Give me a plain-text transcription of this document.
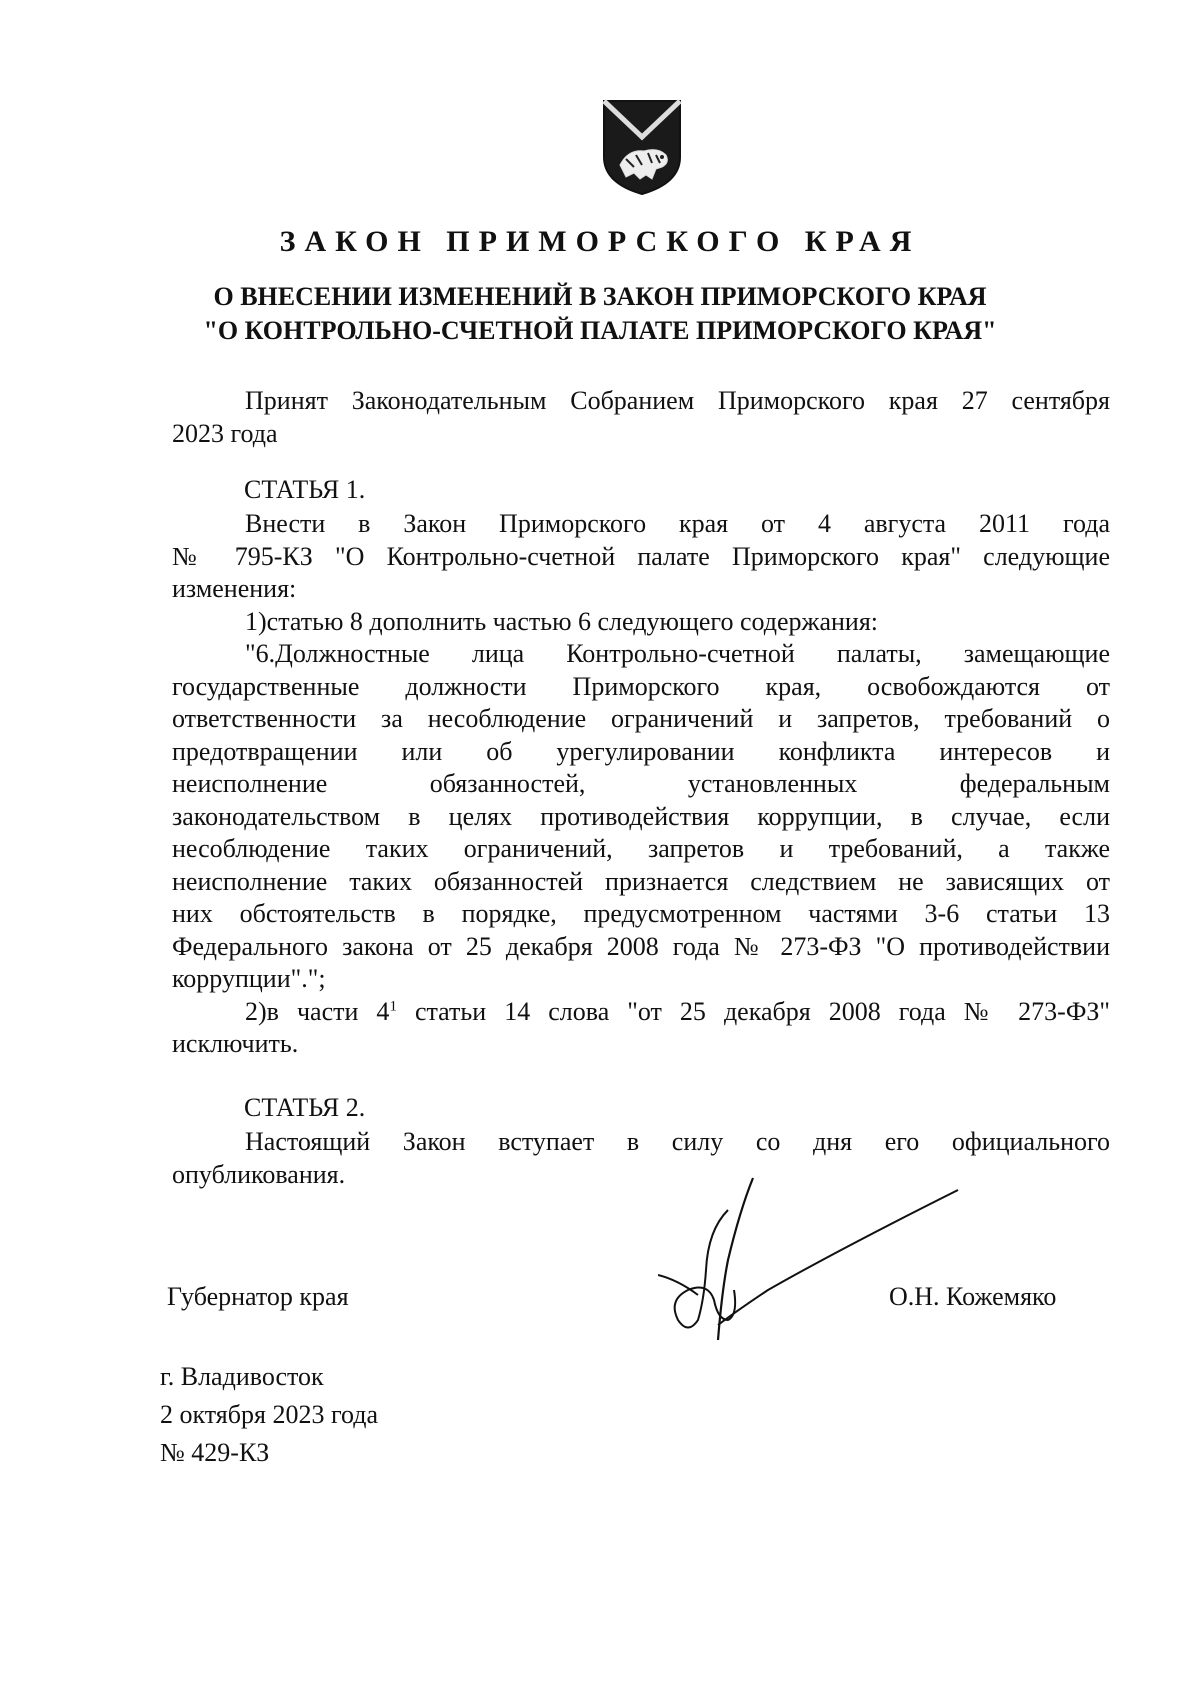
ЗАКОН ПРИМОРСКОГО КРАЯ
О ВНЕСЕНИИ ИЗМЕНЕНИЙ В ЗАКОН ПРИМОРСКОГО КРАЯ
"О КОНТРОЛЬНО-СЧЕТНОЙ ПАЛАТЕ ПРИМОРСКОГО КРАЯ"
Принят Законодательным Собранием Приморского края 27 сентября
2023 года
СТАТЬЯ 1.
Внести в Закон Приморского края от 4 августа 2011 года
№ 795-КЗ "О Контрольно-счетной палате Приморского края" следующие
изменения:
1)статью 8 дополнить частью 6 следующего содержания:
"6.Должностные лица Контрольно-счетной палаты, замещающие
государственные должности Приморского края, освобождаются от
ответственности за несоблюдение ограничений и запретов, требований о
предотвращении или об урегулировании конфликта интересов и
неисполнение обязанностей, установленных федеральным
законодательством в целях противодействия коррупции, в случае, если
несоблюдение таких ограничений, запретов и требований, а также
неисполнение таких обязанностей признается следствием не зависящих от
них обстоятельств в порядке, предусмотренном частями 3-6 статьи 13
Федерального закона от 25 декабря 2008 года № 273-ФЗ "О противодействии
коррупции".";
2)в части $4^1$ статьи 14 слова "от 25 декабря 2008 года № 273-ФЗ"
исключить.
СТАТЬЯ 2.
Настоящий Закон вступает в силу со дня его официального
опубликования.
Губернатор края	О.Н. Кожемяко
г. Владивосток
2 октября 2023 года
№ 429-КЗ
